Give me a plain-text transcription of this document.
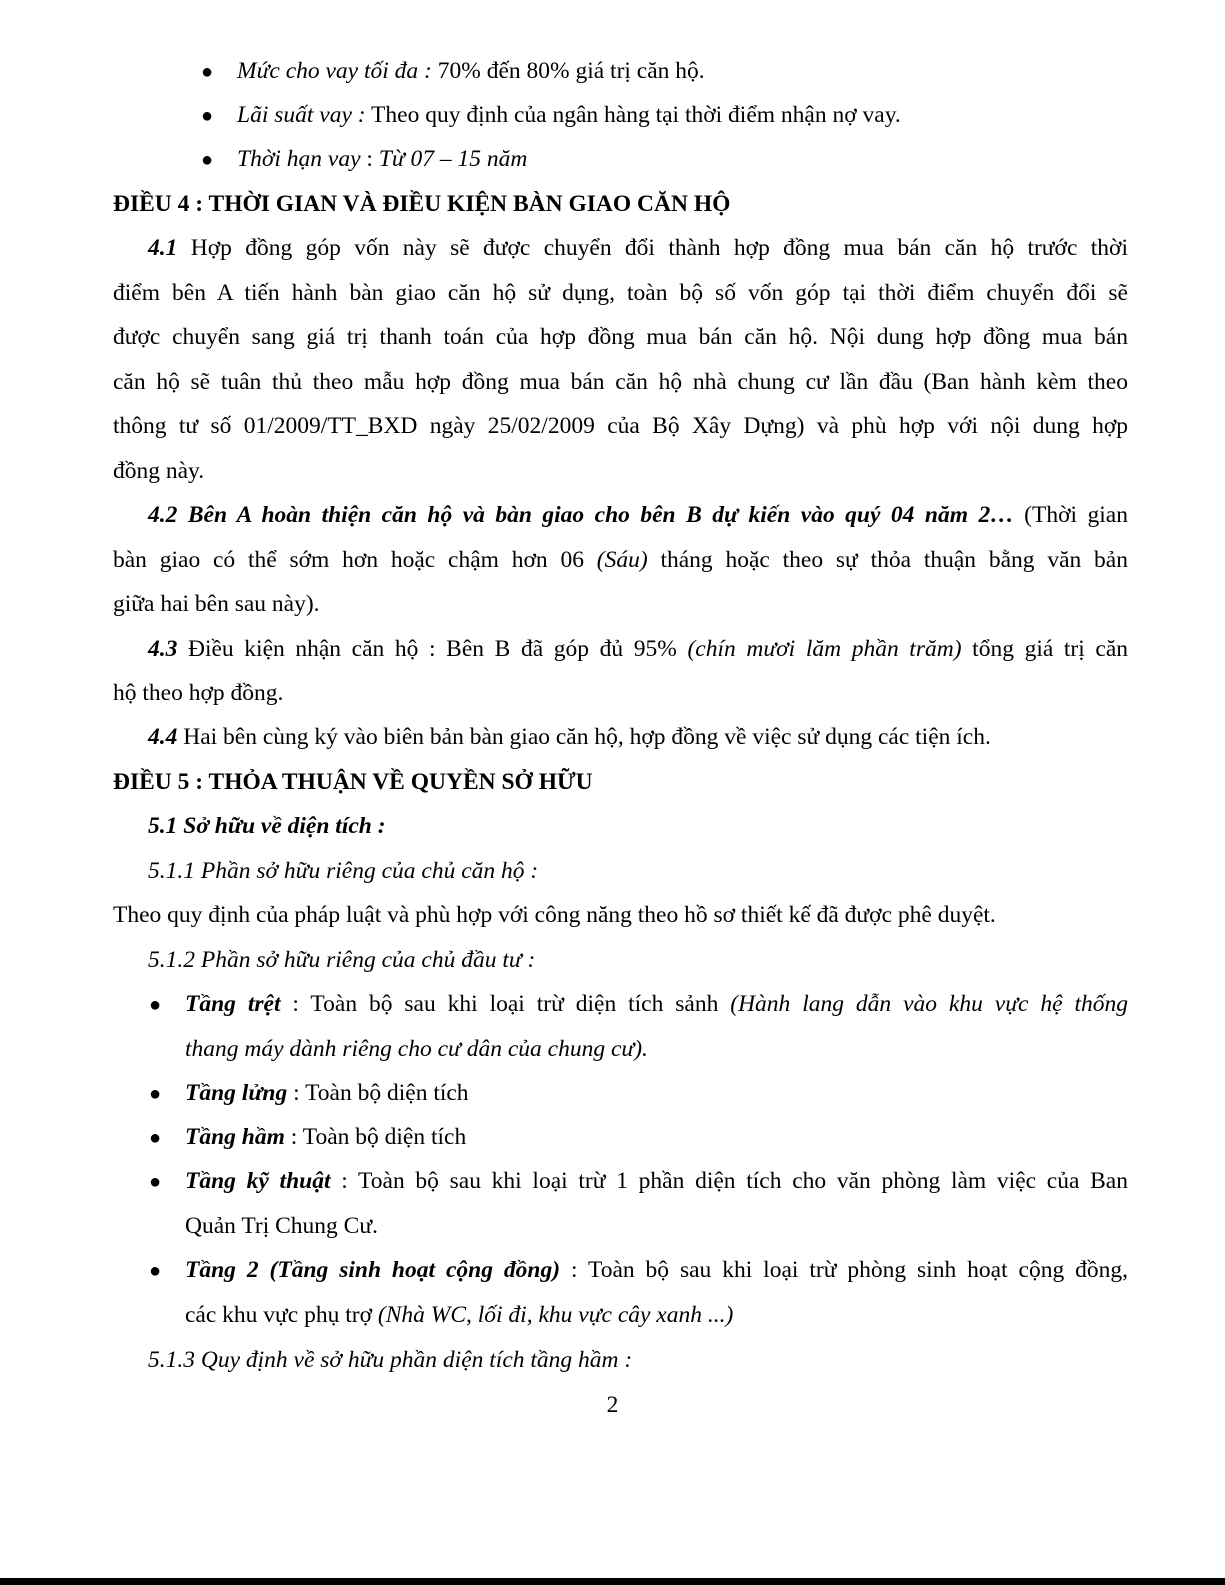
● Mức cho vay tối đa : 70% đến 80% giá trị căn hộ.
● Lãi suất vay : Theo quy định của ngân hàng tại thời điểm nhận nợ vay.
● Thời hạn vay : Từ 07 – 15 năm
ĐIỀU 4 : THỜI GIAN VÀ ĐIỀU KIỆN BÀN GIAO CĂN HỘ
4.1 Hợp đồng góp vốn này sẽ được chuyển đổi thành hợp đồng mua bán căn hộ trước thời
điểm bên A tiến hành bàn giao căn hộ sử dụng, toàn bộ số vốn góp tại thời điểm chuyển đổi sẽ
được chuyển sang giá trị thanh toán của hợp đồng mua bán căn hộ. Nội dung hợp đồng mua bán
căn hộ sẽ tuân thủ theo mẫu hợp đồng mua bán căn hộ nhà chung cư lần đầu (Ban hành kèm theo
thông tư số 01/2009/TT_BXD ngày 25/02/2009 của Bộ Xây Dựng) và phù hợp với nội dung hợp
đồng này.
4.2 Bên A hoàn thiện căn hộ và bàn giao cho bên B dự kiến vào quý 04 năm 2… (Thời gian
bàn giao có thể sớm hơn hoặc chậm hơn 06 (Sáu) tháng hoặc theo sự thỏa thuận bằng văn bản
giữa hai bên sau này).
4.3 Điều kiện nhận căn hộ : Bên B đã góp đủ 95% (chín mươi lăm phần trăm) tổng giá trị căn
hộ theo hợp đồng.
4.4 Hai bên cùng ký vào biên bản bàn giao căn hộ, hợp đồng về việc sử dụng các tiện ích.
ĐIỀU 5 : THỎA THUẬN VỀ QUYỀN SỞ HỮU
5.1 Sở hữu về diện tích :
5.1.1 Phần sở hữu riêng của chủ căn hộ :
Theo quy định của pháp luật và phù hợp với công năng theo hồ sơ thiết kế đã được phê duyệt.
5.1.2 Phần sở hữu riêng của chủ đầu tư :
● Tầng trệt : Toàn bộ sau khi loại trừ diện tích sảnh (Hành lang dẫn vào khu vực hệ thống
thang máy dành riêng cho cư dân của chung cư).
● Tầng lửng : Toàn bộ diện tích
● Tầng hầm : Toàn bộ diện tích
● Tầng kỹ thuật : Toàn bộ sau khi loại trừ 1 phần diện tích cho văn phòng làm việc của Ban
Quản Trị Chung Cư.
● Tầng 2 (Tầng sinh hoạt cộng đồng) : Toàn bộ sau khi loại trừ phòng sinh hoạt cộng đồng,
các khu vực phụ trợ (Nhà WC, lối đi, khu vực cây xanh ...)
5.1.3 Quy định về sở hữu phần diện tích tầng hầm :
2
